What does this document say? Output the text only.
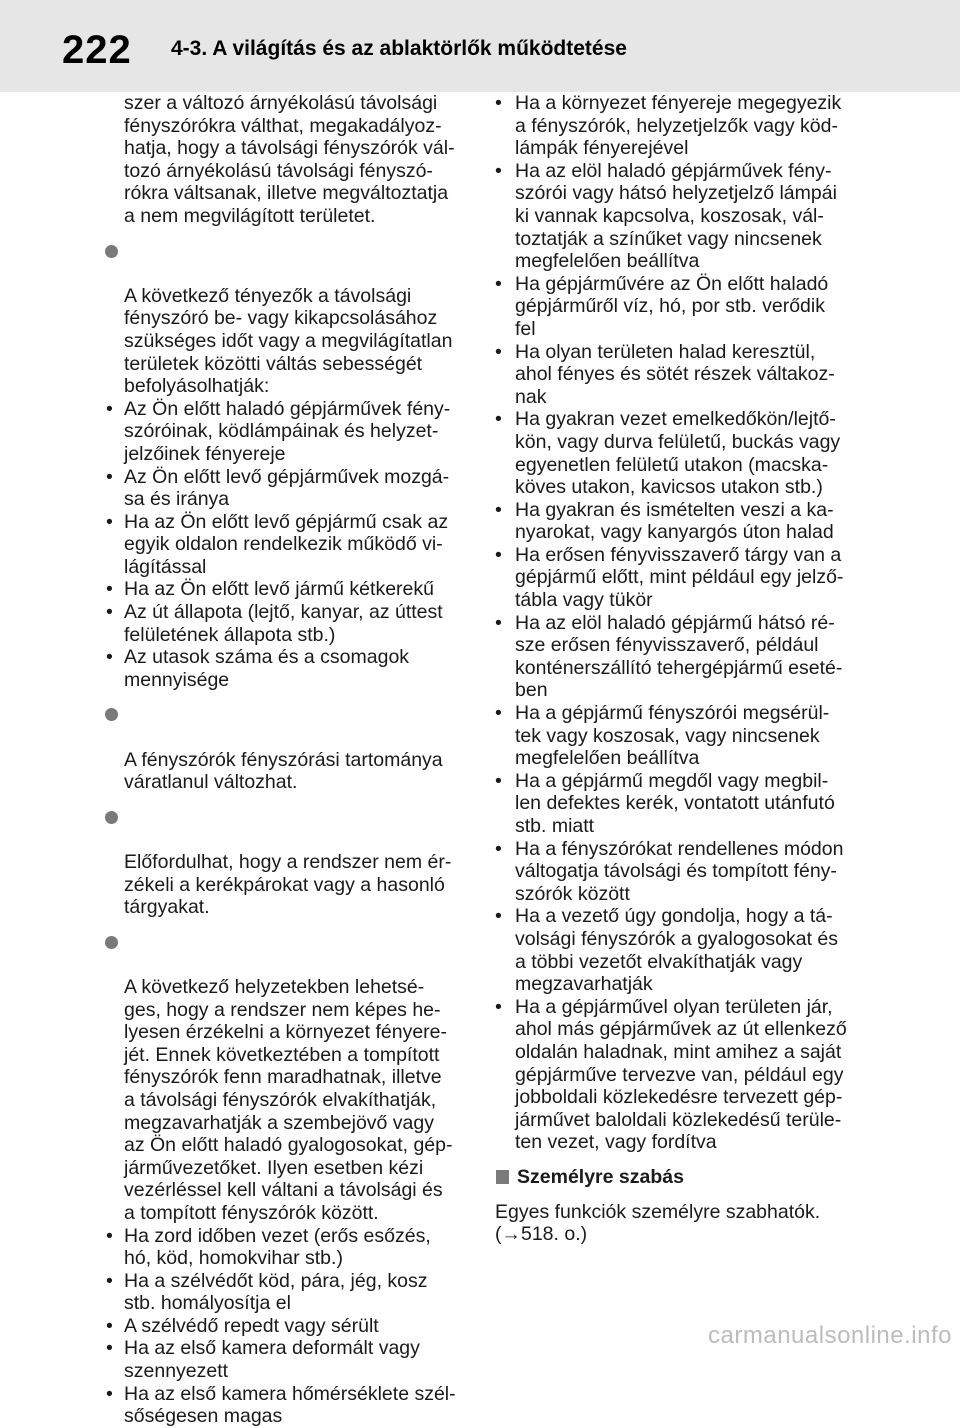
222 4-3. A világítás és az ablaktörlők működtetése

szer a változó árnyékolású távolsági
fényszórókra válthat, megakadályoz-
hatja, hogy a távolsági fényszórók vál-
tozó árnyékolású távolsági fényszó-
rókra váltsanak, illetve megváltoztatja
a nem megvilágított területet.

A következő tényezők a távolsági
fényszóró be- vagy kikapcsolásához
szükséges időt vagy a megvilágítatlan
területek közötti váltás sebességét
befolyásolhatják:

• Az Ön előtt haladó gépjárművek fény-
szóróinak, ködlámpáinak és helyzet-
jelzőinek fényereje
• Az Ön előtt levő gépjárművek mozgá-
sa és iránya
• Ha az Ön előtt levő gépjármű csak az
egyik oldalon rendelkezik működő vi-
lágítással
• Ha az Ön előtt levő jármű kétkerekű
• Az út állapota (lejtő, kanyar, az úttest
felületének állapota stb.)
• Az utasok száma és a csomagok
mennyisége

A fényszórók fényszórási tartománya
váratlanul változhat.

Előfordulhat, hogy a rendszer nem ér-
zékeli a kerékpárokat vagy a hasonló
tárgyakat.

A következő helyzetekben lehetsé-
ges, hogy a rendszer nem képes he-
lyesen érzékelni a környezet fényere-
jét. Ennek következtében a tompított
fényszórók fenn maradhatnak, illetve
a távolsági fényszórók elvakíthatják,
megzavarhatják a szembejövő vagy
az Ön előtt haladó gyalogosokat, gép-
járművezetőket. Ilyen esetben kézi
vezérléssel kell váltani a távolsági és
a tompított fényszórók között.

• Ha zord időben vezet (erős esőzés,
hó, köd, homokvihar stb.)
• Ha a szélvédőt köd, pára, jég, kosz
stb. homályosítja el
• A szélvédő repedt vagy sérült
• Ha az első kamera deformált vagy
szennyezett
• Ha az első kamera hőmérséklete szél-
sőségesen magas
• Ha a környezet fényereje megegyezik
a fényszórók, helyzetjelzők vagy köd-
lámpák fényerejével
• Ha az elöl haladó gépjárművek fény-
szórói vagy hátsó helyzetjelző lámpái
ki vannak kapcsolva, koszosak, vál-
toztatják a színűket vagy nincsenek
megfelelően beállítva
• Ha gépjárművére az Ön előtt haladó
gépjárműről víz, hó, por stb. verődik
fel
• Ha olyan területen halad keresztül,
ahol fényes és sötét részek váltakoz-
nak
• Ha gyakran vezet emelkedőkön/lejtő-
kön, vagy durva felületű, buckás vagy
egyenetlen felületű utakon (macska-
köves utakon, kavicsos utakon stb.)
• Ha gyakran és ismételten veszi a ka-
nyarokat, vagy kanyargós úton halad
• Ha erősen fényvisszaverő tárgy van a
gépjármű előtt, mint például egy jelző-
tábla vagy tükör
• Ha az elöl haladó gépjármű hátsó ré-
sze erősen fényvisszaverő, például
konténerszállító tehergépjármű eseté-
ben
• Ha a gépjármű fényszórói megsérül-
tek vagy koszosak, vagy nincsenek
megfelelően beállítva
• Ha a gépjármű megdől vagy megbil-
len defektes kerék, vontatott utánfutó
stb. miatt
• Ha a fényszórókat rendellenes módon
váltogatja távolsági és tompított fény-
szórók között
• Ha a vezető úgy gondolja, hogy a tá-
volsági fényszórók a gyalogosokat és
a többi vezetőt elvakíthatják vagy
megzavarhatják
• Ha a gépjárművel olyan területen jár,
ahol más gépjárművek az út ellenkező
oldalán haladnak, mint amihez a saját
gépjárműve tervezve van, például egy
jobboldali közlekedésre tervezett gép-
járművet baloldali közlekedésű terüle-
ten vezet, vagy fordítva
Személyre szabás
Egyes funkciók személyre szabhatók.
(→518. o.)
carmanualsonline.info
